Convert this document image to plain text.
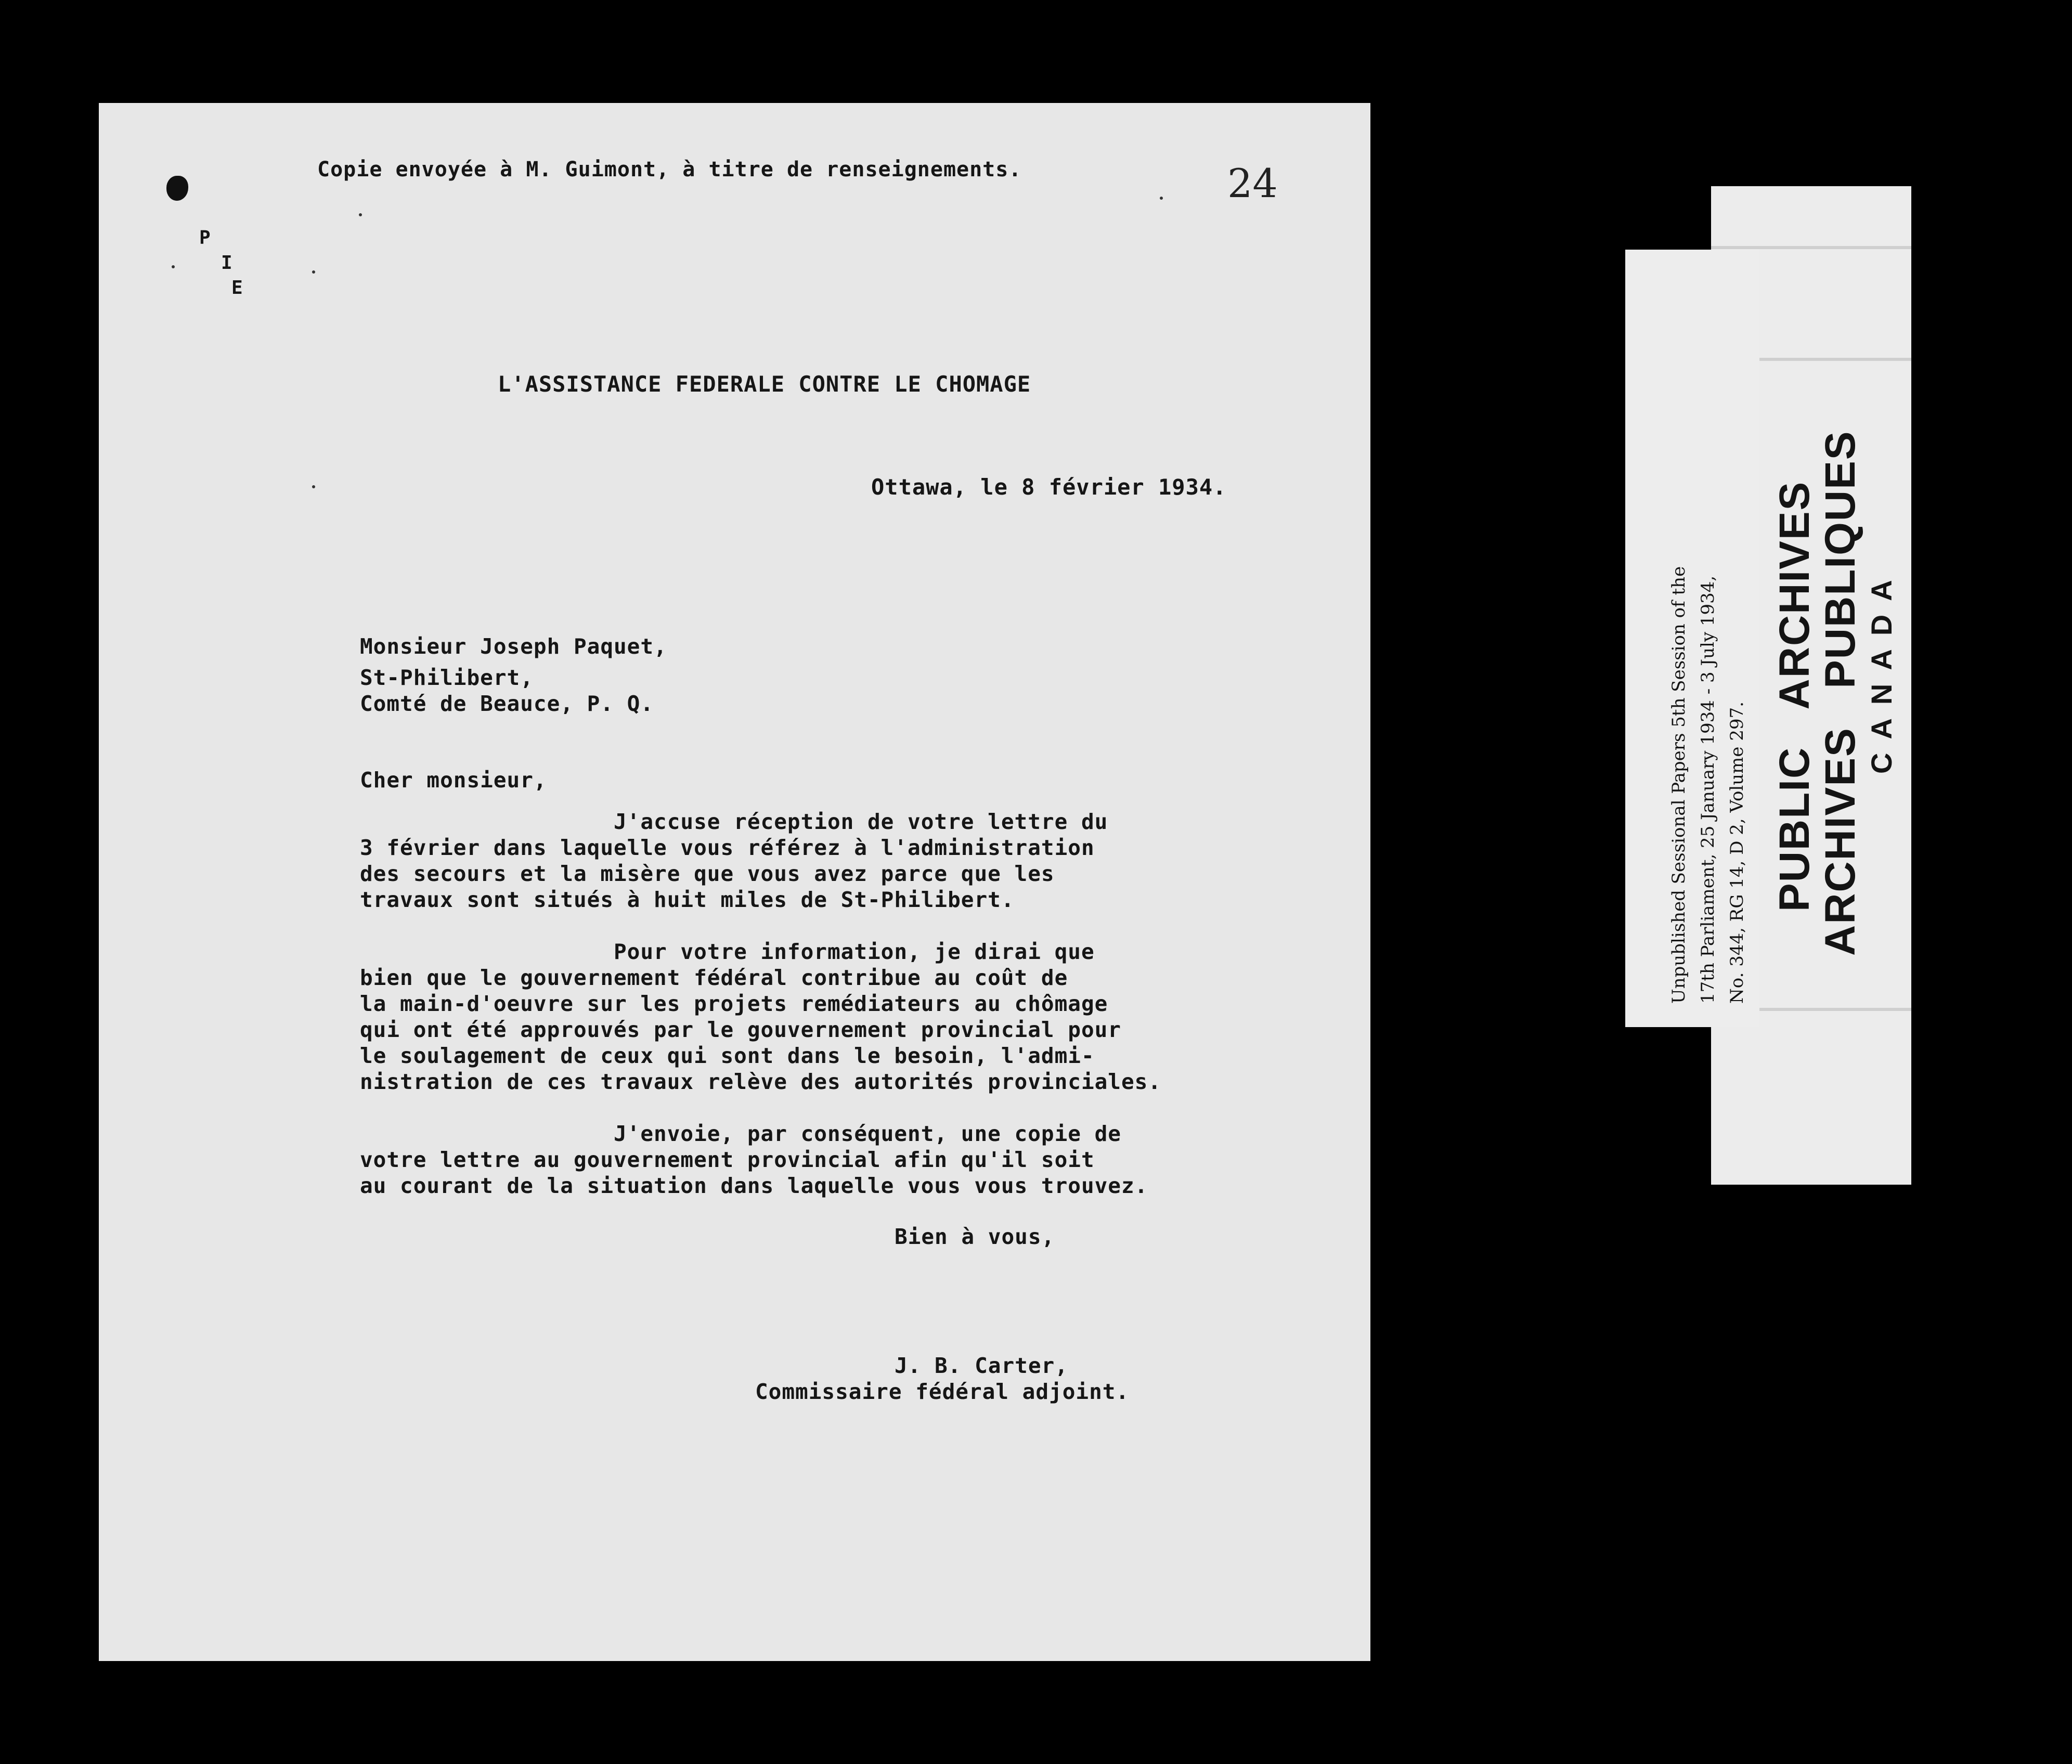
Copie envoyée à M. Guimont, à titre de renseignements.	24
P
I
E
L'ASSISTANCE FEDERALE CONTRE LE CHOMAGE
Ottawa, le 8 février 1934.
Monsieur Joseph Paquet,
St-Philibert,
Comté de Beauce, P. Q.
Cher monsieur,
J'accuse réception de votre lettre du
3 février dans laquelle vous référez à l'administration
des secours et la misère que vous avez parce que les
travaux sont situés à huit miles de St-Philibert.
Pour votre information, je dirai que
bien que le gouvernement fédéral contribue au coût de
la main-d'oeuvre sur les projets remédiateurs au chômage
qui ont été approuvés par le gouvernement provincial pour
le soulagement de ceux qui sont dans le besoin, l'admi-
nistration de ces travaux relève des autorités provinciales.
J'envoie, par conséquent, une copie de
votre lettre au gouvernement provincial afin qu'il soit
au courant de la situation dans laquelle vous vous trouvez.
Bien à vous,
J. B. Carter,
Commissaire fédéral adjoint.
PUBLIC   ARCHIVES
ARCHIVES   PUBLIQUES CANADA
Unpublished Sessional Papers 5th Session of the 17th Parliament, 25 January 1934 - 3 July 1934, No. 344, RG 14, D 2, Volume 297.
